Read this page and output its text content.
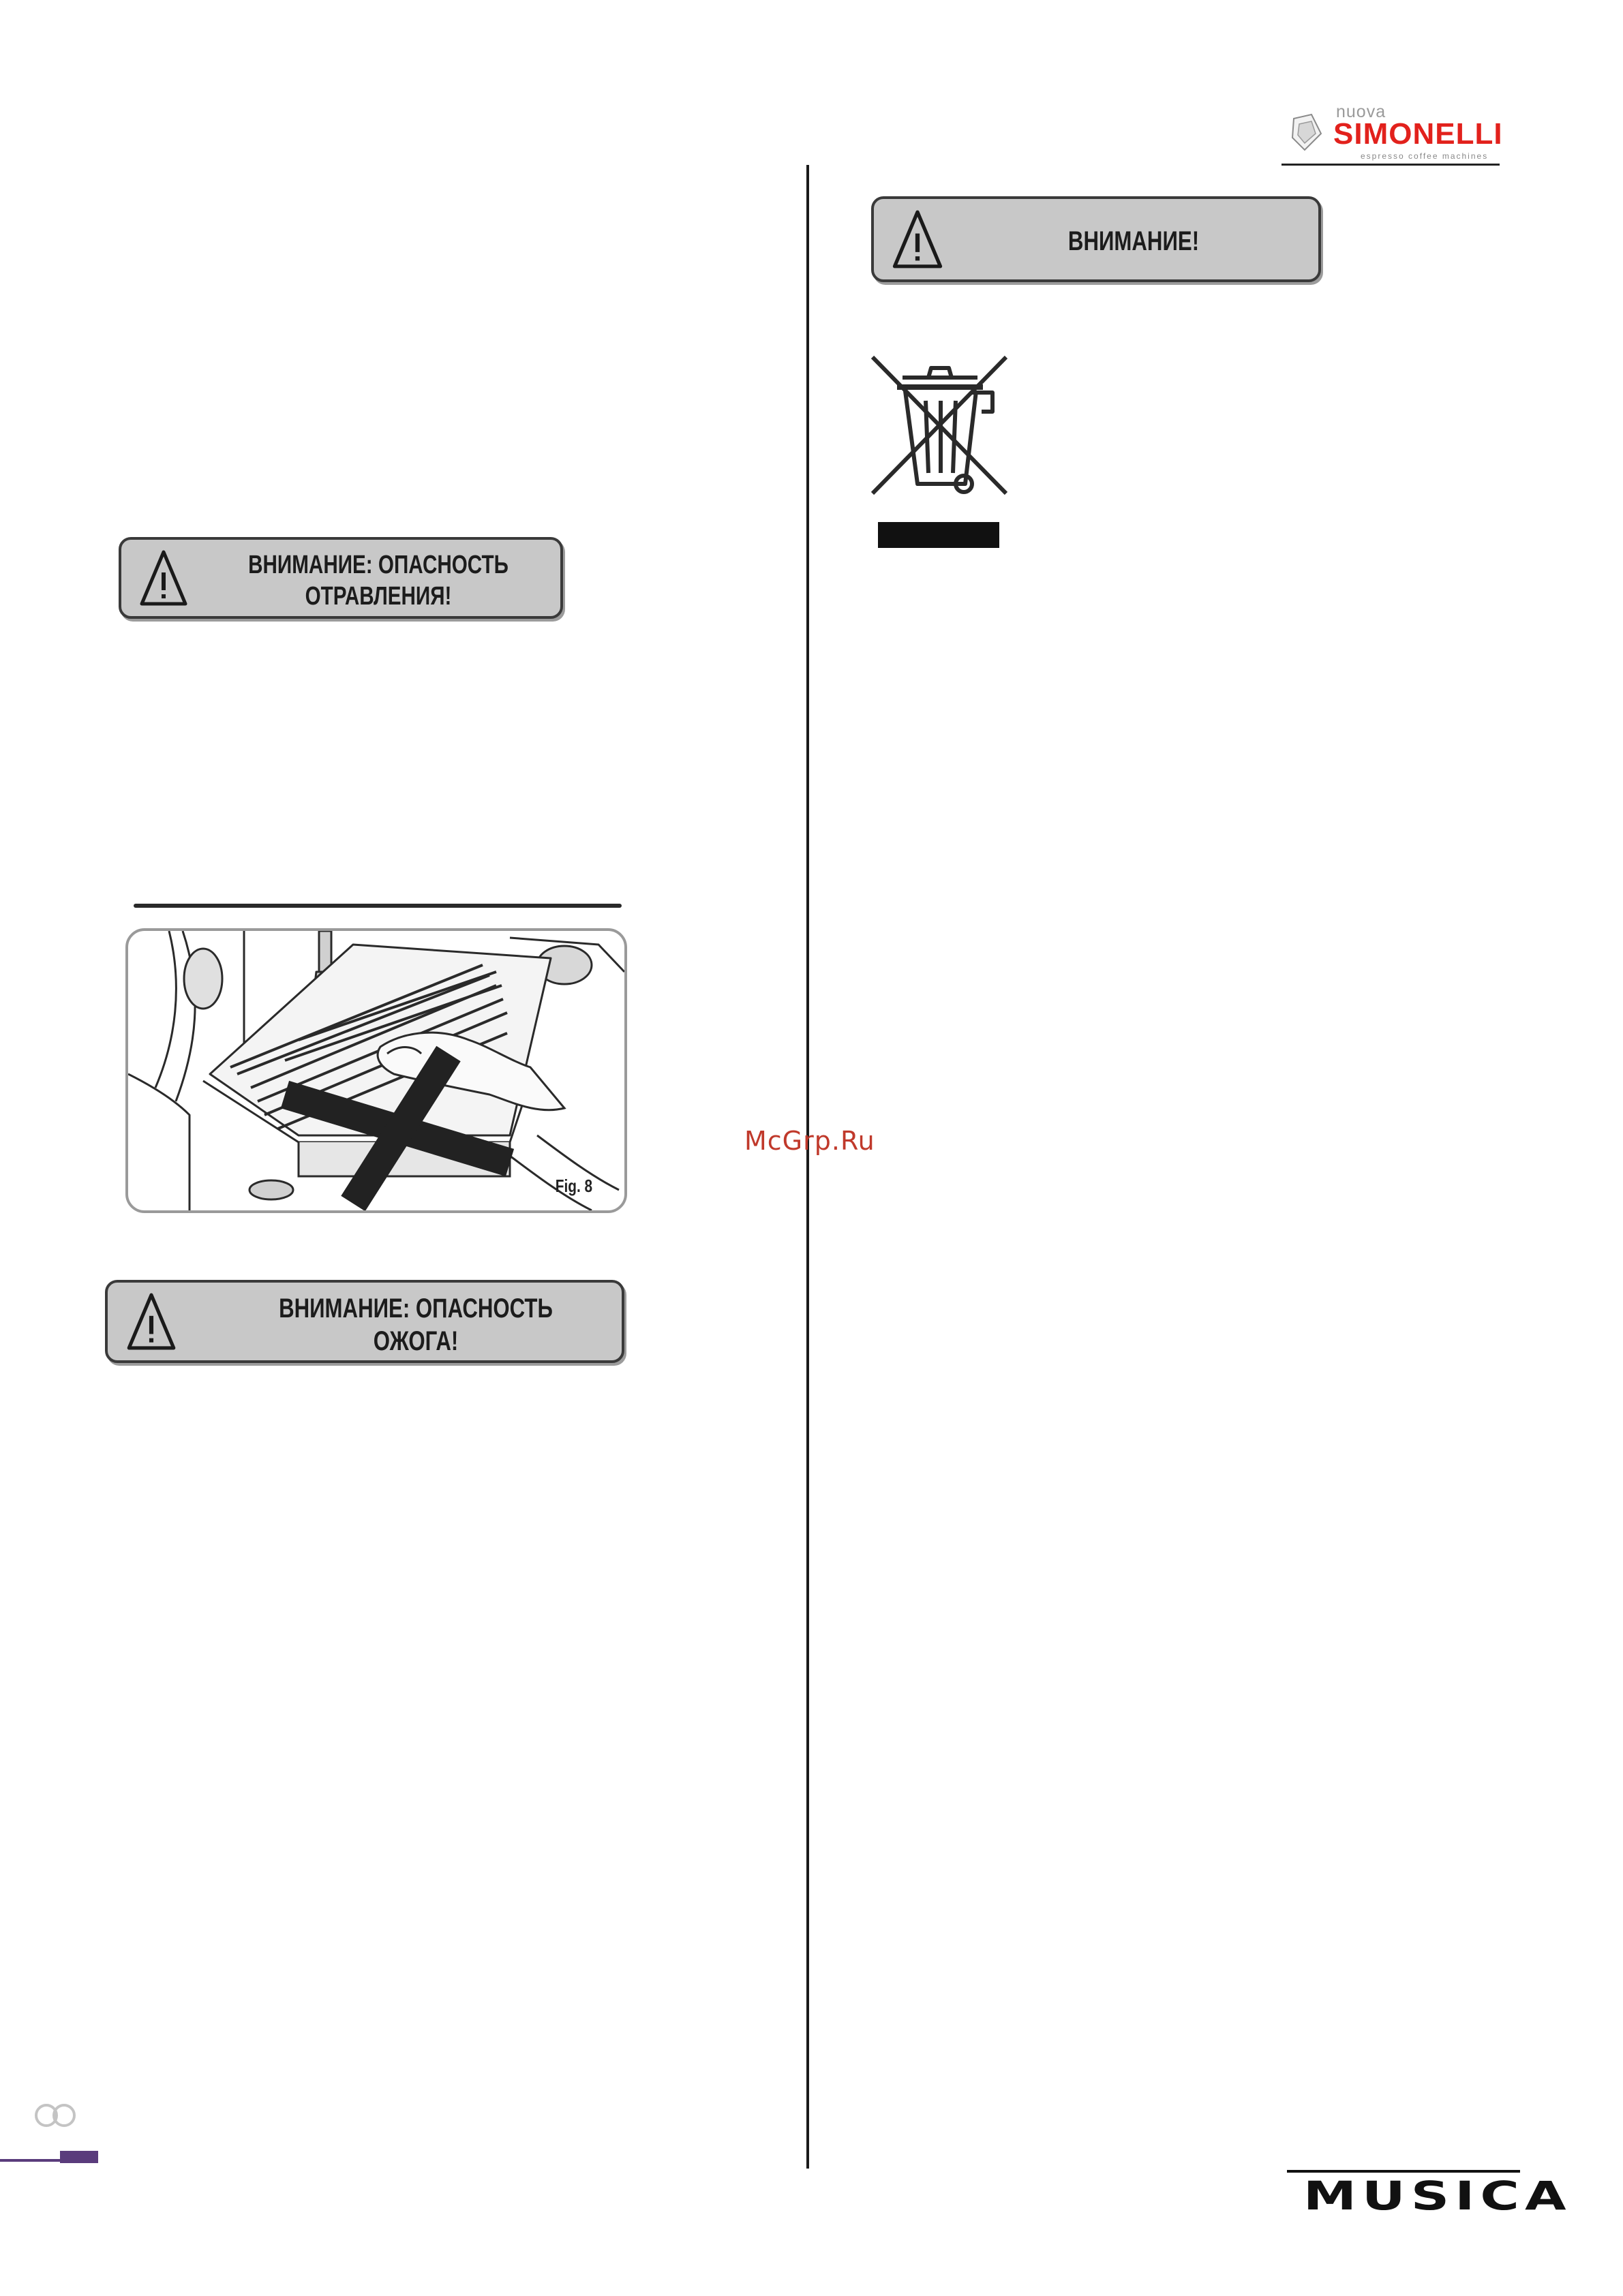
nuova
SIMONELLI
espresso coffee machines
ВНИМАНИЕ: ОПАСНОСТЬ ОТРАВЛЕНИЯ!
Fig. 8
ВНИМАНИЕ: ОПАСНОСТЬ ОЖОГА!
ВНИМАНИЕ!
McGrp.Ru
MUSICA
